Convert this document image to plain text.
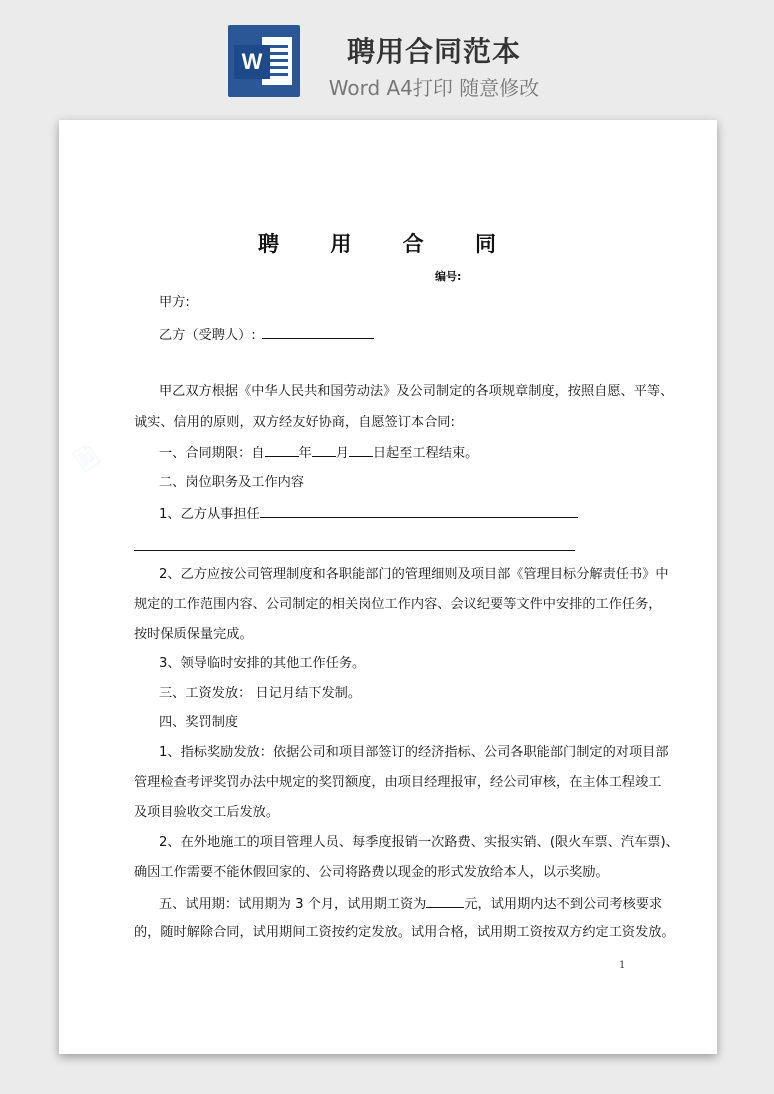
W	聘用合同范本
Word A4打印 随意修改
🗎
聘 用 合 同
编号:
甲方:
乙方（受聘人）:
甲乙双方根据《中华人民共和国劳动法》及公司制定的各项规章制度，按照自愿、平等、
诚实、信用的原则，双方经友好协商，自愿签订本合同:
一、合同期限：自	年 月 日起至工程结束。
二、岗位职务及工作内容
1、乙方从事担任
2、乙方应按公司管理制度和各职能部门的管理细则及项目部《管理目标分解责任书》中
规定的工作范围内容、公司制定的相关岗位工作内容、会议纪要等文件中安排的工作任务，
按时保质保量完成。
3、领导临时安排的其他工作任务。
三、工资发放： 日记月结下发制。
四、奖罚制度
1、指标奖励发放：依据公司和项目部签订的经济指标、公司各职能部门制定的对项目部
管理检查考评奖罚办法中规定的奖罚额度，由项目经理报审，经公司审核，在主体工程竣工
及项目验收交工后发放。
2、在外地施工的项目管理人员、每季度报销一次路费、实报实销、(限火车票、汽车票)、
确因工作需要不能休假回家的、公司将路费以现金的形式发放给本人，以示奖励。
五、试用期：试用期为 3 个月，试用期工资为	元，试用期内达不到公司考核要求
的，随时解除合同，试用期间工资按约定发放。试用合格，试用期工资按双方约定工资发放。
1
